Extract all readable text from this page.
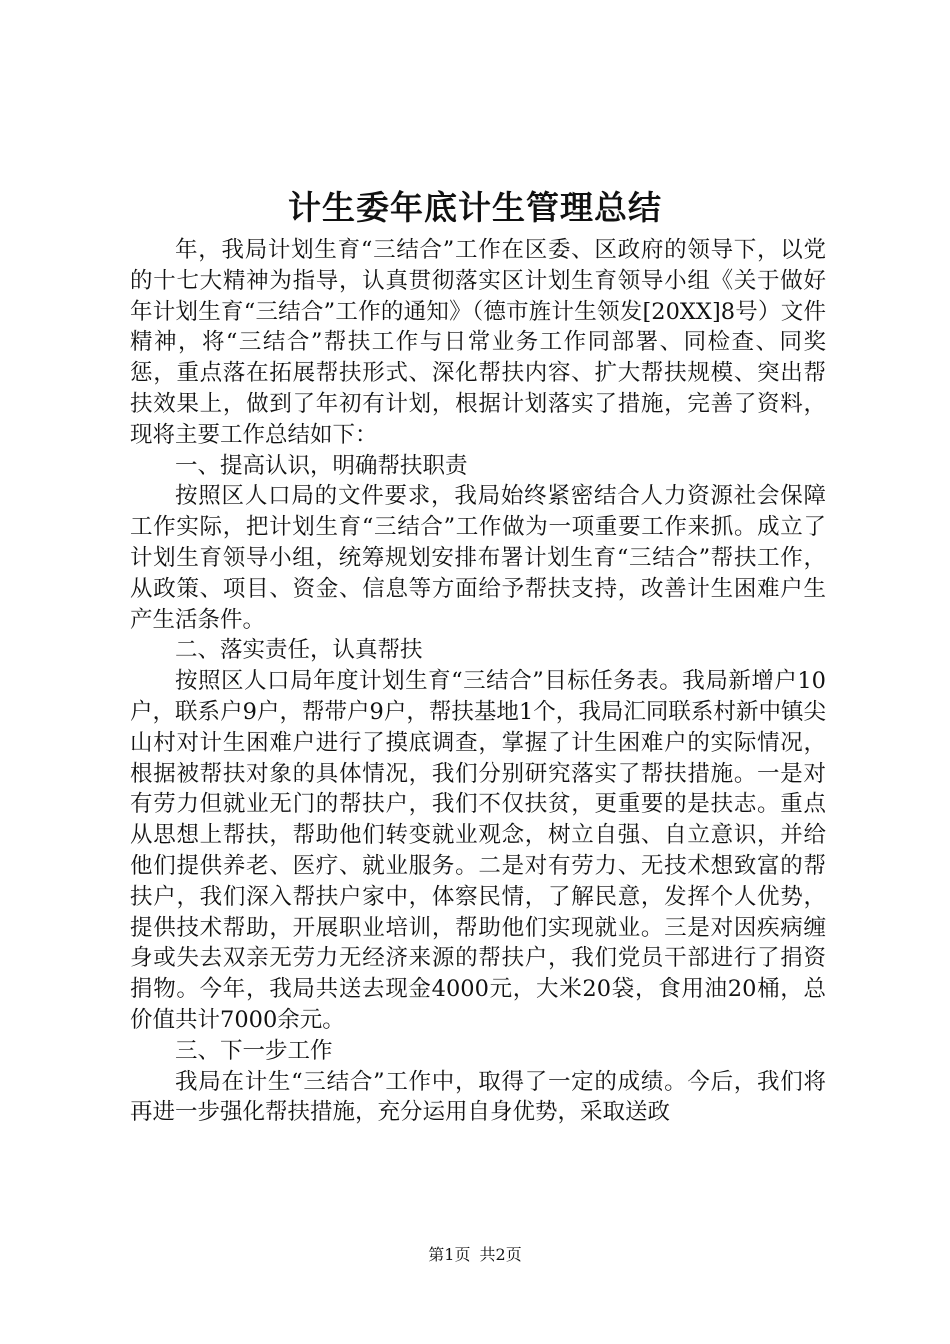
计生委年底计生管理总结

年，我局计划生育“三结合”工作在区委、区政府的领导下，以党的十七大精神为指导，认真贯彻落实区计划生育领导小组《关于做好年计划生育“三结合”工作的通知》（德市旌计生领发[20XX]8号）文件精神，将“三结合”帮扶工作与日常业务工作同部署、同检查、同奖惩，重点落在拓展帮扶形式、深化帮扶内容、扩大帮扶规模、突出帮扶效果上，做到了年初有计划，根据计划落实了措施，完善了资料，现将主要工作总结如下：

一、提高认识，明确帮扶职责

按照区人口局的文件要求，我局始终紧密结合人力资源社会保障工作实际，把计划生育“三结合”工作做为一项重要工作来抓。成立了计划生育领导小组，统筹规划安排布署计划生育“三结合”帮扶工作，从政策、项目、资金、信息等方面给予帮扶支持，改善计生困难户生产生活条件。

二、落实责任，认真帮扶

按照区人口局年度计划生育“三结合”目标任务表。我局新增户10户，联系户9户，帮带户9户，帮扶基地1个，我局汇同联系村新中镇尖山村对计生困难户进行了摸底调查，掌握了计生困难户的实际情况，根据被帮扶对象的具体情况，我们分别研究落实了帮扶措施。一是对有劳力但就业无门的帮扶户，我们不仅扶贫，更重要的是扶志。重点从思想上帮扶，帮助他们转变就业观念，树立自强、自立意识，并给他们提供养老、医疗、就业服务。二是对有劳力、无技术想致富的帮扶户，我们深入帮扶户家中，体察民情，了解民意，发挥个人优势，提供技术帮助，开展职业培训，帮助他们实现就业。三是对因疾病缠身或失去双亲无劳力无经济来源的帮扶户，我们党员干部进行了捐资捐物。今年，我局共送去现金4000元，大米20袋，食用油20桶，总价值共计7000余元。

三、下一步工作

我局在计生“三结合”工作中，取得了一定的成绩。今后，我们将再进一步强化帮扶措施，充分运用自身优势，采取送政

第1页 共2页
